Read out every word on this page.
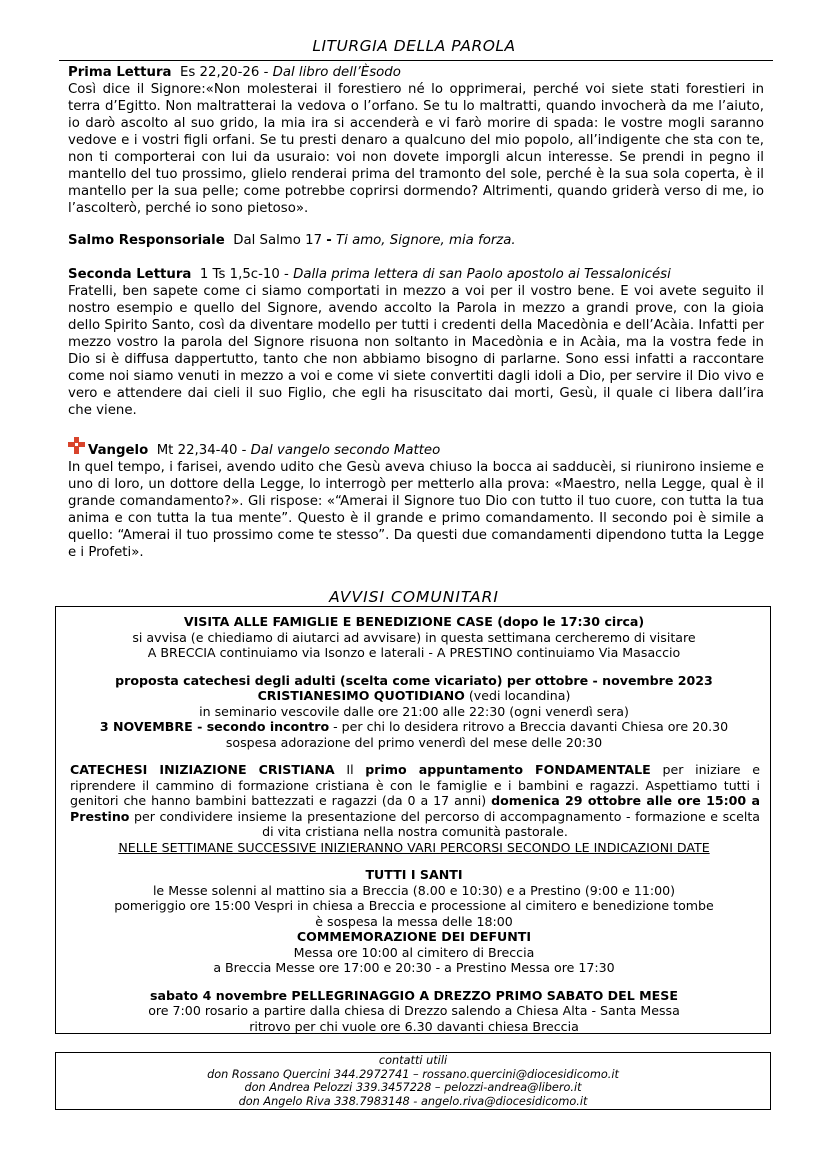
LITURGIA DELLA PAROLA
Prima Lettura
Es 22,20-26 -
Dal libro dell’Èsodo

Così dice il Signore:«Non molesterai il forestiero né lo opprimerai, perché voi siete stati forestieri in terra d’Egitto. Non maltratterai la vedova o l’orfano. Se tu lo maltratti, quando invocherà da me l’aiuto, io darò ascolto al suo grido, la mia ira si accenderà e vi farò morire di spada: le vostre mogli saranno vedove e i vostri figli orfani. Se tu presti denaro a qualcuno del mio popolo, all’indigente che sta con te, non ti comporterai con lui da usuraio: voi non dovete imporgli alcun interesse. Se prendi in pegno il mantello del tuo prossimo, glielo renderai prima del tramonto del sole, perché è la sua sola coperta, è il mantello per la sua pelle; come potrebbe coprirsi dormendo? Altrimenti, quando griderà verso di me, io l’ascolterò, perché io sono pietoso».

Salmo Responsoriale
Dal Salmo 17
-
Ti amo, Signore, mia forza.
Seconda Lettura
1 Ts 1,5c-10 -
Dalla prima lettera di san Paolo apostolo ai Tessalonicési

Fratelli, ben sapete come ci siamo comportati in mezzo a voi per il vostro bene. E voi avete seguito il nostro esempio e quello del Signore, avendo accolto la Parola in mezzo a grandi prove, con la gioia dello Spirito Santo, così da diventare modello per tutti i credenti della Macedònia e dell’Acàia. Infatti per mezzo vostro la parola del Signore risuona non soltanto in Macedònia e in Acàia, ma la vostra fede in Dio si è diffusa dappertutto, tanto che non abbiamo bisogno di parlarne. Sono essi infatti a raccontare come noi siamo venuti in mezzo a voi e come vi siete convertiti dagli idoli a Dio, per servire il Dio vivo e vero e attendere dai cieli il suo Figlio, che egli ha risuscitato dai morti, Gesù, il quale ci libera dall’ira che viene.

Vangelo
Mt 22,34-40 -
Dal vangelo secondo Matteo

In quel tempo, i farisei, avendo udito che Gesù aveva chiuso la bocca ai sadducèi, si riunirono insieme e uno di loro, un dottore della Legge, lo interrogò per metterlo alla prova: «Maestro, nella Legge, qual è il grande comandamento?». Gli rispose: «“Amerai il Signore tuo Dio con tutto il tuo cuore, con tutta la tua anima e con tutta la tua mente”. Questo è il grande e primo comandamento. Il secondo poi è simile a quello: “Amerai il tuo prossimo come te stesso”. Da questi due comandamenti dipendono tutta la Legge e i Profeti».

AVVISI COMUNITARI

VISITA ALLE FAMIGLIE E BENEDIZIONE CASE (dopo le 17:30 circa)

si avvisa (e chiediamo di aiutarci ad avvisare) in questa settimana cercheremo di visitare

A BRECCIA continuiamo via Isonzo e laterali - A PRESTINO continuiamo Via Masaccio

proposta catechesi degli adulti (scelta come vicariato) per ottobre - novembre 2023

CRISTIANESIMO QUOTIDIANO (vedi locandina)

in seminario vescovile dalle ore 21:00 alle 22:30 (ogni venerdì sera)

3 NOVEMBRE - secondo incontro - per chi lo desidera ritrovo a Breccia davanti Chiesa ore 20.30

sospesa adorazione del primo venerdì del mese delle 20:30

CATECHESI INIZIAZIONE CRISTIANA Il primo appuntamento FONDAMENTALE per iniziare e riprendere il cammino di formazione cristiana è con le famiglie e i bambini e ragazzi. Aspettiamo tutti i genitori che hanno bambini battezzati e ragazzi (da 0 a 17 anni) domenica 29 ottobre alle ore 15:00 a Prestino per condividere insieme la presentazione del percorso di accompagnamento - formazione e scelta di vita cristiana nella nostra comunità pastorale.

NELLE SETTIMANE SUCCESSIVE INIZIERANNO VARI PERCORSI SECONDO LE INDICAZIONI DATE

TUTTI I SANTI

le Messe solenni al mattino sia a Breccia (8.00 e 10:30) e a Prestino (9:00 e 11:00)

pomeriggio ore 15:00 Vespri in chiesa a Breccia e processione al cimitero e benedizione tombe

è sospesa la messa delle 18:00

COMMEMORAZIONE DEI DEFUNTI

Messa ore 10:00 al cimitero di Breccia

a Breccia Messe ore 17:00 e 20:30 - a Prestino Messa ore 17:30

sabato 4 novembre PELLEGRINAGGIO A DREZZO PRIMO SABATO DEL MESE

ore 7:00 rosario a partire dalla chiesa di Drezzo salendo a Chiesa Alta - Santa Messa

ritrovo per chi vuole ore 6.30 davanti chiesa Breccia

contatti utili

don Rossano Quercini 344.2972741 – rossano.quercini@diocesidicomo.it

don Andrea Pelozzi 339.3457228 – pelozzi-andrea@libero.it

don Angelo Riva 338.7983148 - angelo.riva@diocesidicomo.it
